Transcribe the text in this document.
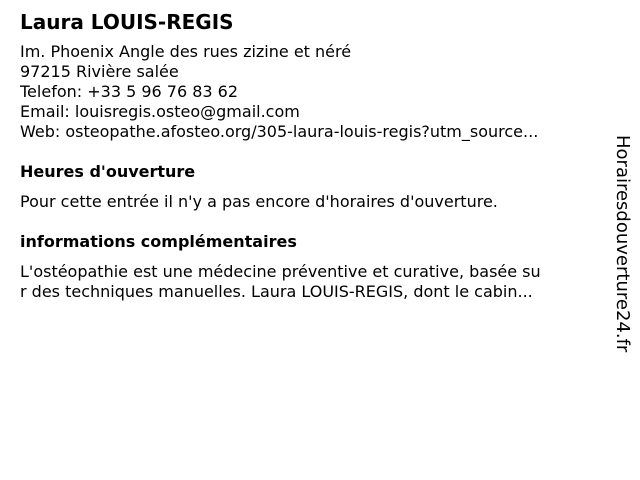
Laura LOUIS-REGIS
Im. Phoenix Angle des rues zizine et néré
97215 Rivière salée
Telefon: +33 5 96 76 83 62
Email: louisregis.osteo@gmail.com
Web: osteopathe.afosteo.org/305-laura-louis-regis?utm_source...
Heures d'ouverture
Pour cette entrée il n'y a pas encore d'horaires d'ouverture.
informations complémentaires
L'ostéopathie est une médecine préventive et curative, basée su
r des techniques manuelles. Laura LOUIS-REGIS, dont le cabin...	Horairesdouverture24.fr
